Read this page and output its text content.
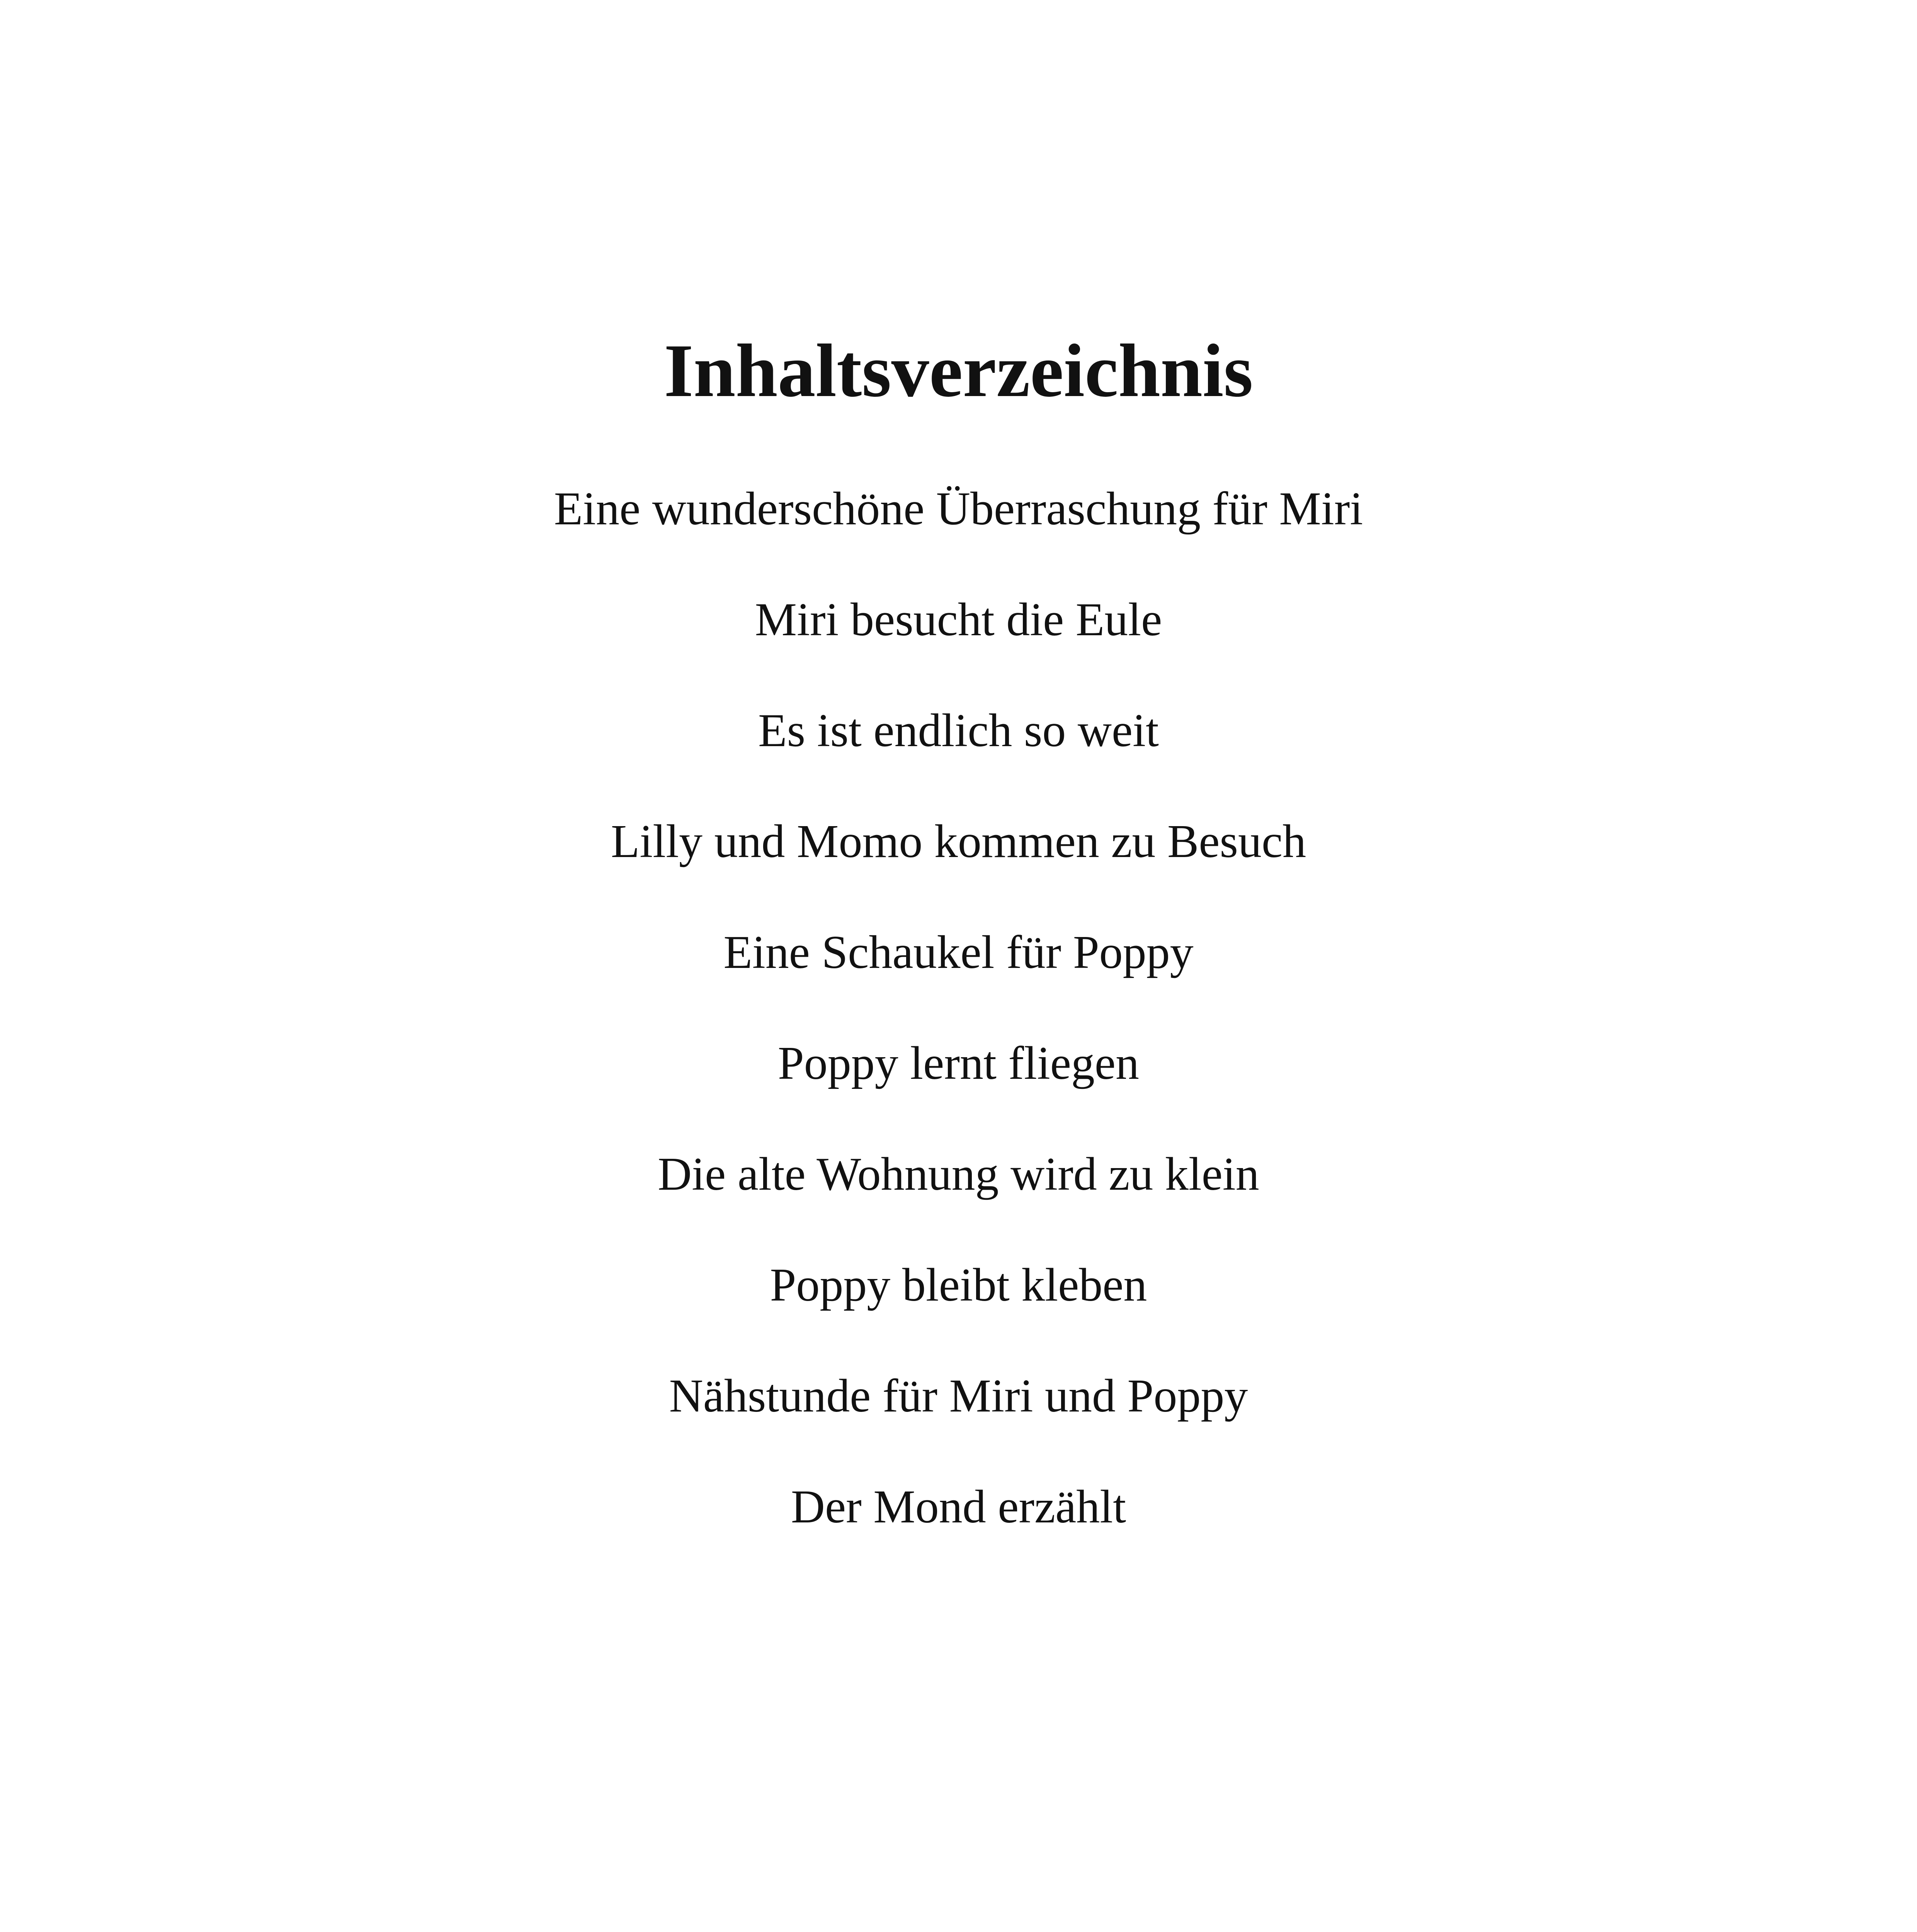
Inhaltsverzeichnis
Eine wunderschöne Überraschung für Miri
Miri besucht die Eule
Es ist endlich so weit
Lilly und Momo kommen zu Besuch
Eine Schaukel für Poppy
Poppy lernt fliegen
Die alte Wohnung wird zu klein
Poppy bleibt kleben
Nähstunde für Miri und Poppy
Der Mond erzählt
